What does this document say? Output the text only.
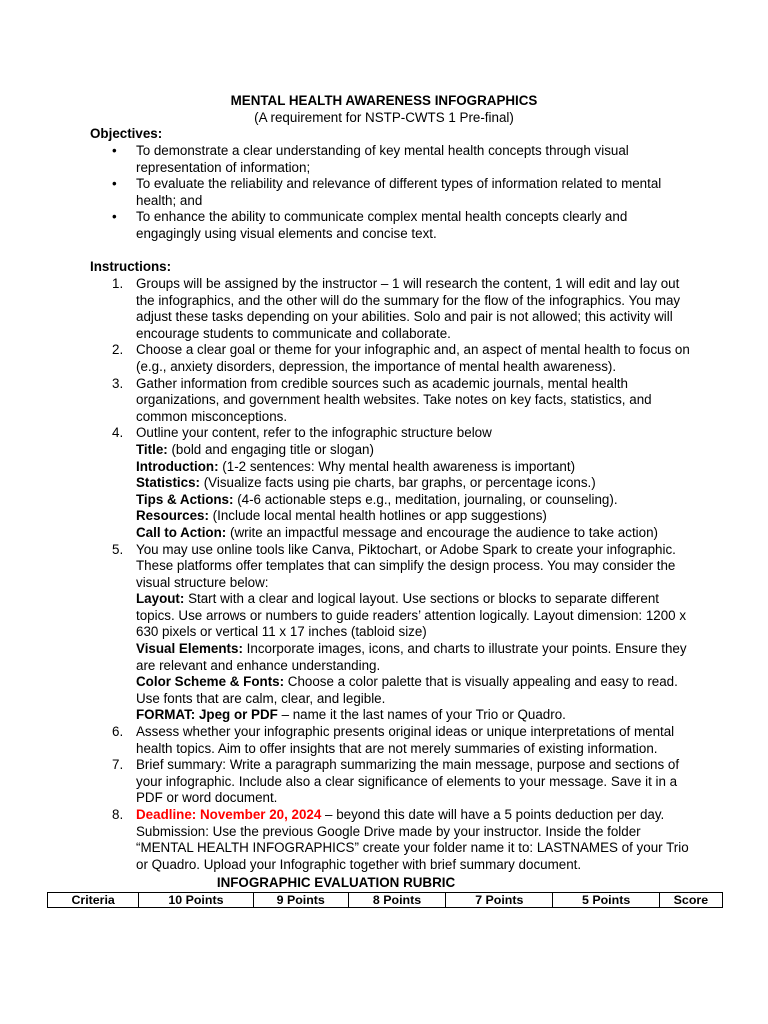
MENTAL HEALTH AWARENESS INFOGRAPHICS
(A requirement for NSTP-CWTS 1 Pre-final)
Objectives:
• To demonstrate a clear understanding of key mental health concepts through visual representation of information;
• To evaluate the reliability and relevance of different types of information related to mental health; and
• To enhance the ability to communicate complex mental health concepts clearly and engagingly using visual elements and concise text.
Instructions:
1. Groups will be assigned by the instructor – 1 will research the content, 1 will edit and lay out the infographics, and the other will do the summary for the flow of the infographics. You may adjust these tasks depending on your abilities. Solo and pair is not allowed; this activity will encourage students to communicate and collaborate.
2. Choose a clear goal or theme for your infographic and, an aspect of mental health to focus on (e.g., anxiety disorders, depression, the importance of mental health awareness).
3. Gather information from credible sources such as academic journals, mental health organizations, and government health websites. Take notes on key facts, statistics, and common misconceptions.
4. Outline your content, refer to the infographic structure below
Title: (bold and engaging title or slogan)
Introduction: (1-2 sentences: Why mental health awareness is important)
Statistics: (Visualize facts using pie charts, bar graphs, or percentage icons.)
Tips & Actions: (4-6 actionable steps e.g., meditation, journaling, or counseling).
Resources: (Include local mental health hotlines or app suggestions)
Call to Action: (write an impactful message and encourage the audience to take action)
5. You may use online tools like Canva, Piktochart, or Adobe Spark to create your infographic. These platforms offer templates that can simplify the design process. You may consider the visual structure below:
Layout: Start with a clear and logical layout. Use sections or blocks to separate different topics. Use arrows or numbers to guide readers’ attention logically. Layout dimension: 1200 x 630 pixels or vertical 11 x 17 inches (tabloid size)
Visual Elements: Incorporate images, icons, and charts to illustrate your points. Ensure they are relevant and enhance understanding.
Color Scheme & Fonts: Choose a color palette that is visually appealing and easy to read. Use fonts that are calm, clear, and legible.
FORMAT: Jpeg or PDF – name it the last names of your Trio or Quadro.
6. Assess whether your infographic presents original ideas or unique interpretations of mental health topics. Aim to offer insights that are not merely summaries of existing information.
7. Brief summary: Write a paragraph summarizing the main message, purpose and sections of your infographic. Include also a clear significance of elements to your message. Save it in a PDF or word document.
8. Deadline: November 20, 2024 – beyond this date will have a 5 points deduction per day.
Submission: Use the previous Google Drive made by your instructor. Inside the folder “MENTAL HEALTH INFOGRAPHICS” create your folder name it to: LASTNAMES of your Trio or Quadro. Upload your Infographic together with brief summary document.
INFOGRAPHIC EVALUATION RUBRIC
Criteria	10 Points	9 Points	8 Points	7 Points	5 Points	Score
